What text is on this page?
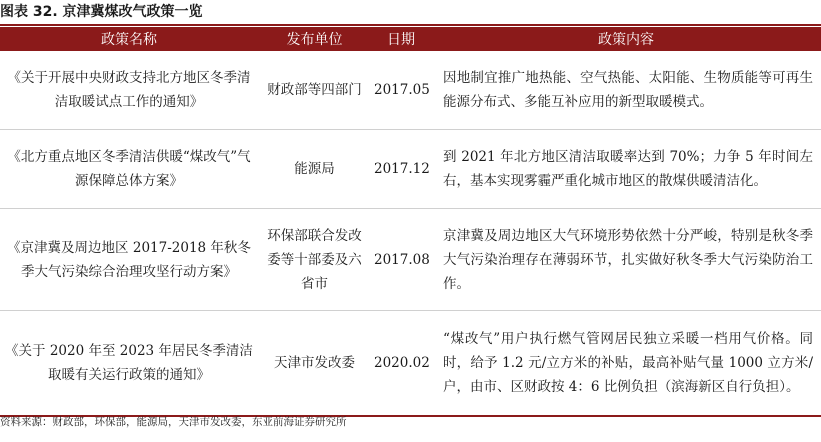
图表 32. 京津冀煤改气政策一览
政策名称	发布单位	日期	政策内容
《关于开展中央财政支持北方地区冬季清洁取暖试点工作的通知》	财政部等四部门	2017.05	因地制宜推广地热能、空气热能、太阳能、生物质能等可再生能源分布式、多能互补应用的新型取暖模式。
《北方重点地区冬季清洁供暖“煤改气”气源保障总体方案》	能源局	2017.12	到 2021 年北方地区清洁取暖率达到 70%；力争 5 年时间左右，基本实现雾霾严重化城市地区的散煤供暖清洁化。
《京津冀及周边地区 2017-2018 年秋冬季大气污染综合治理攻坚行动方案》	环保部联合发改委等十部委及六省市	2017.08	京津冀及周边地区大气环境形势依然十分严峻，特别是秋冬季大气污染治理存在薄弱环节，扎实做好秋冬季大气污染防治工作。
《关于 2020 年至 2023 年居民冬季清洁取暖有关运行政策的通知》	天津市发改委	2020.02	“煤改气”用户执行燃气管网居民独立采暖一档用气价格。同时，给予 1.2 元/立方米的补贴，最高补贴气量 1000 立方米/户，由市、区财政按 4：6 比例负担（滨海新区自行负担）。
资料来源：财政部，环保部，能源局，天津市发改委，东亚前海证券研究所
